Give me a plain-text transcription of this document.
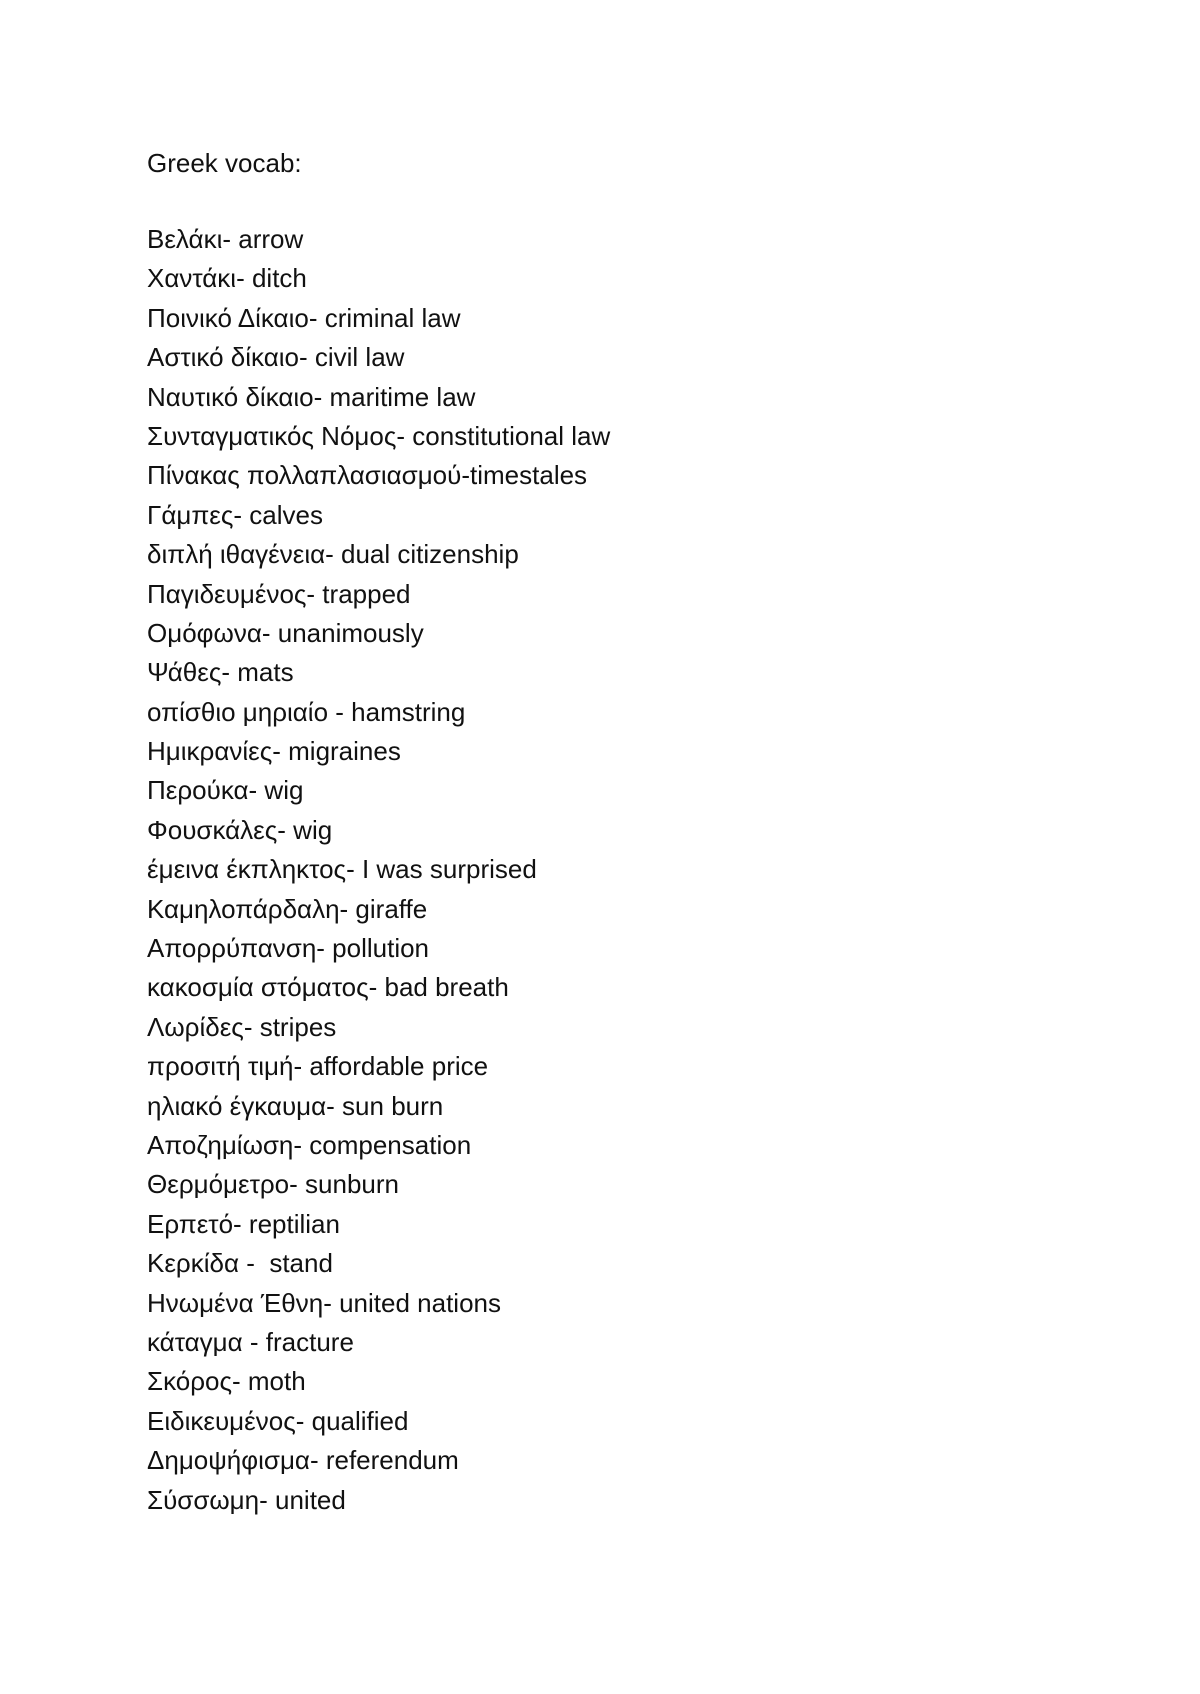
Greek vocab:
Βελάκι- arrow
Χαντάκι- ditch
Ποινικό Δίκαιο- criminal law
Αστικό δίκαιο- civil law
Ναυτικό δίκαιο- maritime law
Συνταγματικός Νόμος- constitutional law
Πίνακας πολλαπλασιασμού-timestales
Γάμπες- calves
διπλή ιθαγένεια- dual citizenship
Παγιδευμένος- trapped
Ομόφωνα- unanimously
Ψάθες- mats
οπίσθιο μηριαίο - hamstring
Ημικρανίες- migraines
Περούκα- wig
Φουσκάλες- wig
έμεινα έκπληκτος- I was surprised
Καμηλοπάρδαλη- giraffe
Απορρύπανση- pollution
κακοσμία στόματος- bad breath
Λωρίδες- stripes
προσιτή τιμή- affordable price
ηλιακό έγκαυμα- sun burn
Αποζημίωση- compensation
Θερμόμετρο- sunburn
Ερπετό- reptilian
Κερκίδα -  stand
Ηνωμένα Έθνη- united nations
κάταγμα - fracture
Σκόρος- moth
Ειδικευμένος- qualified
Δημοψήφισμα- referendum
Σύσσωμη- united
